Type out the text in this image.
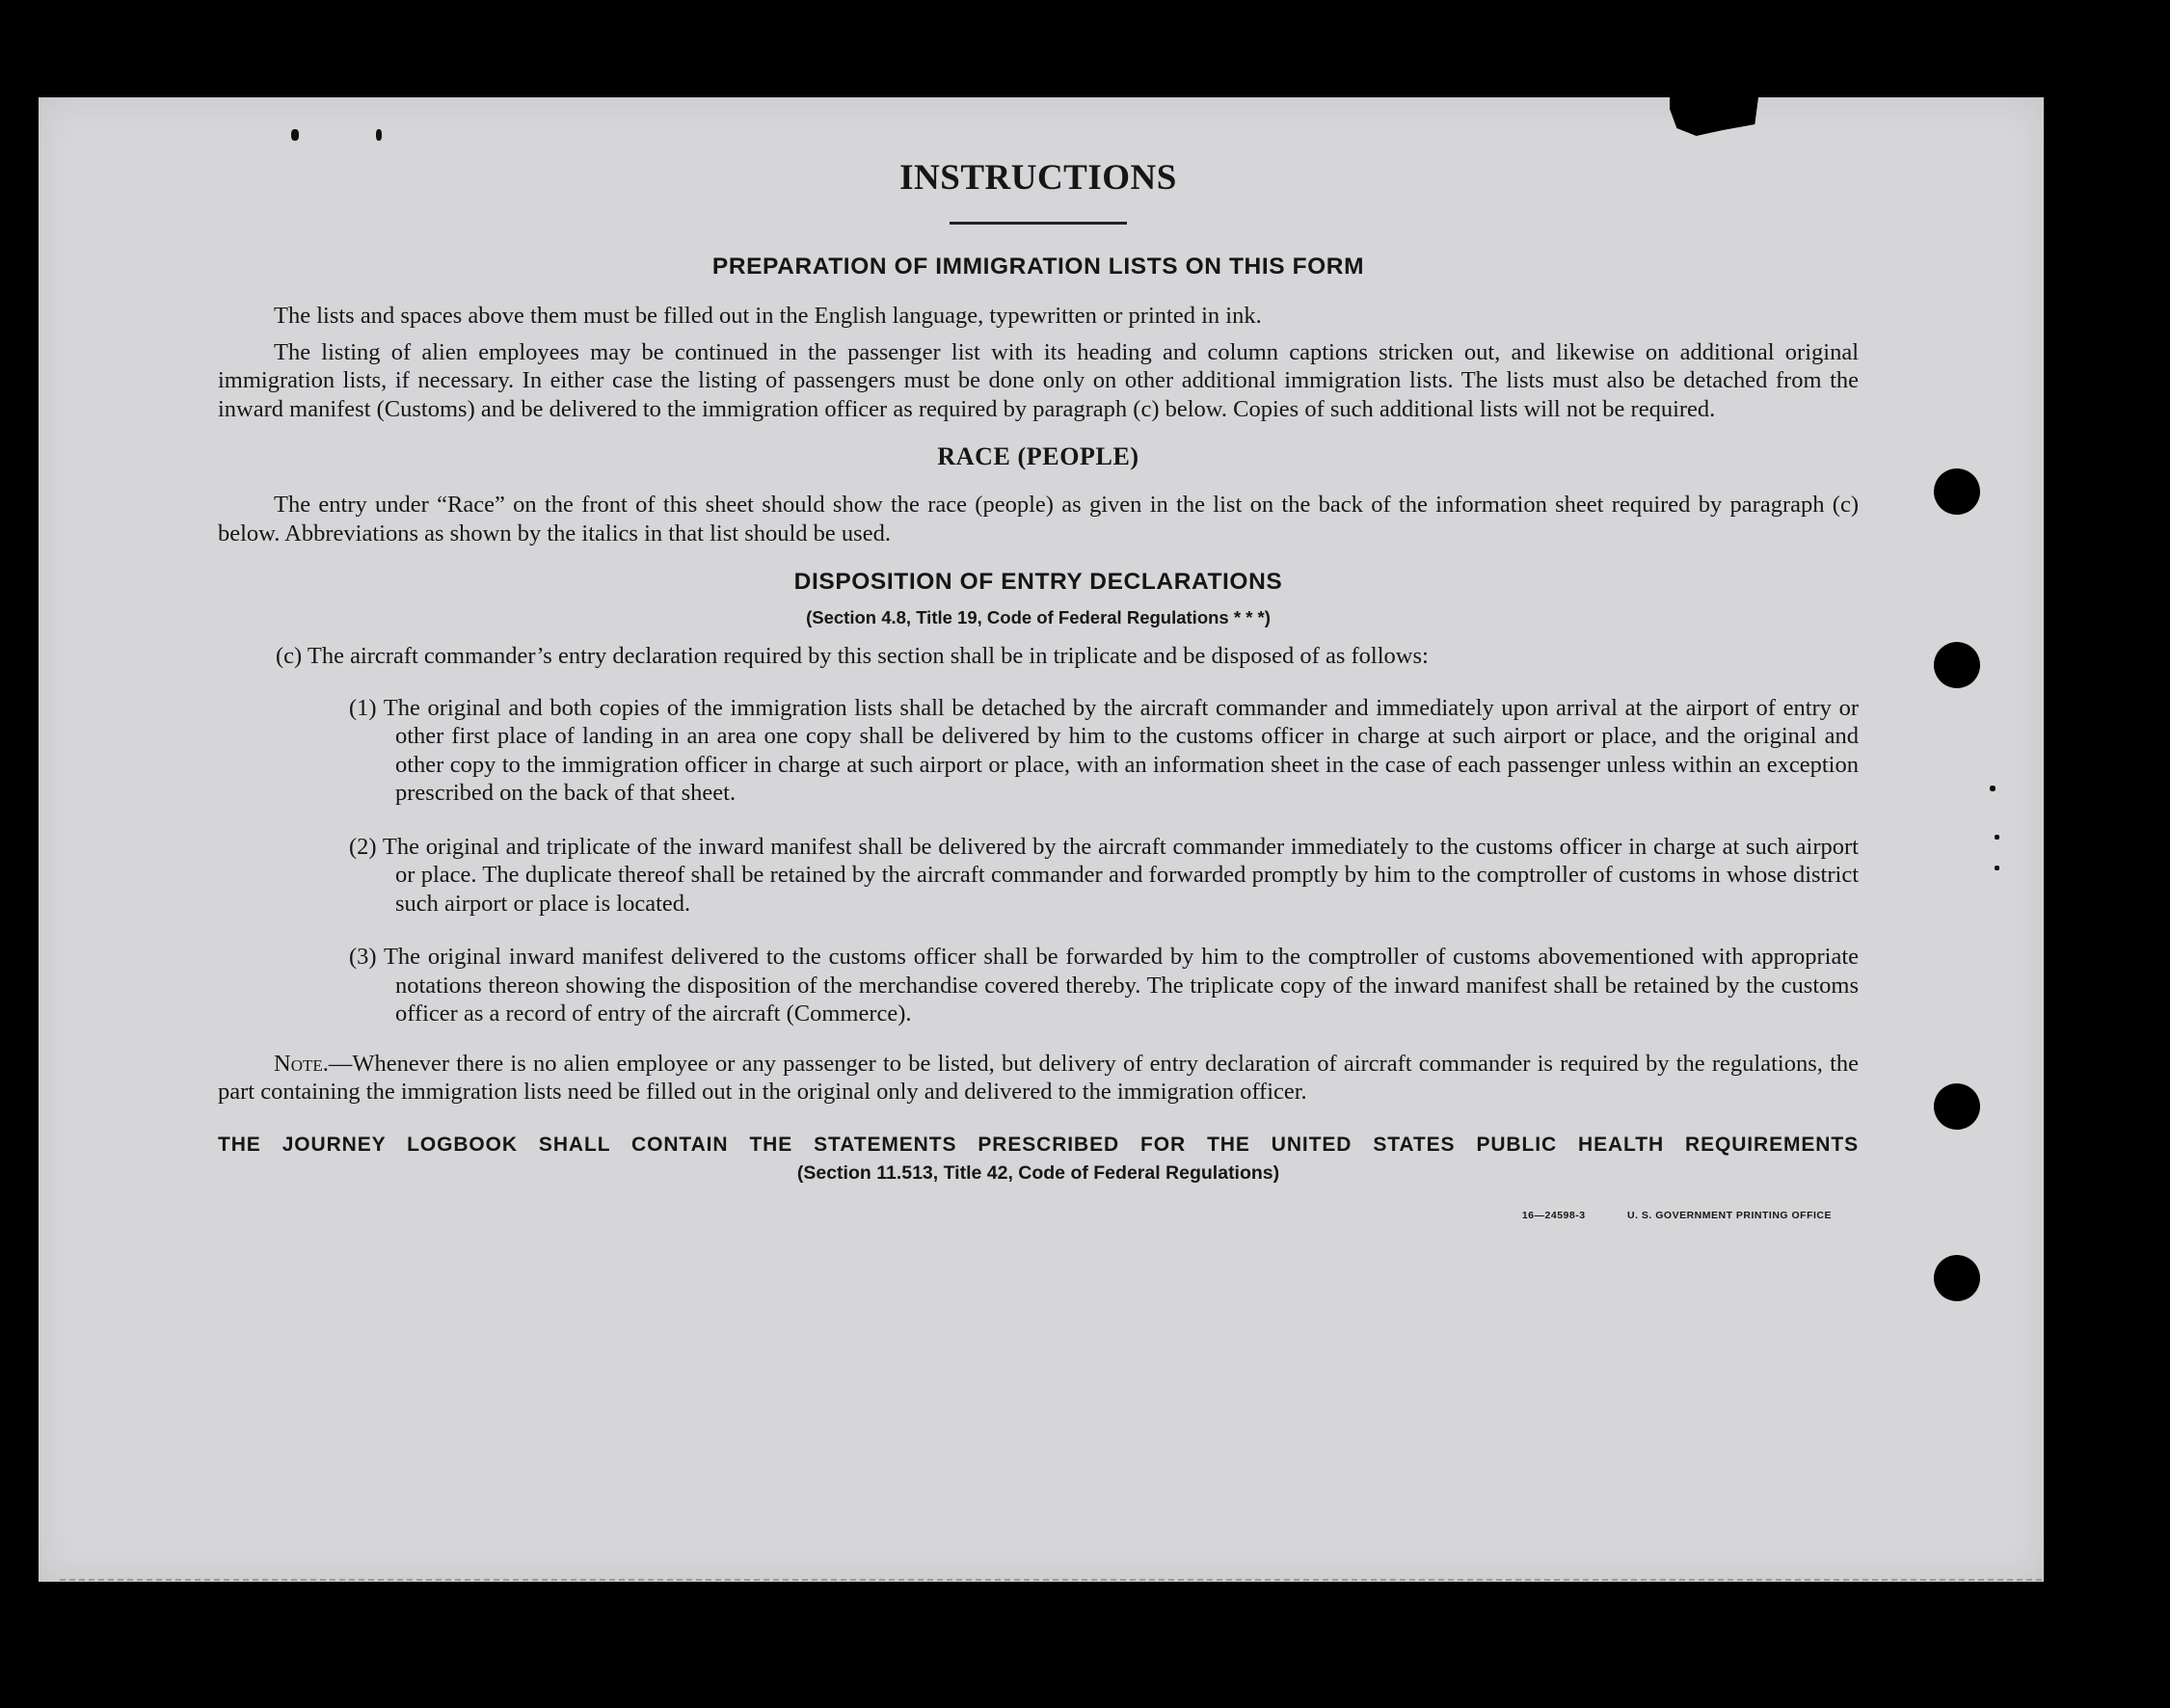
INSTRUCTIONS
PREPARATION OF IMMIGRATION LISTS ON THIS FORM

The lists and spaces above them must be filled out in the English language, typewritten or printed in ink.

The listing of alien employees may be continued in the passenger list with its heading and column captions stricken out, and likewise on additional original immigration lists, if necessary. In either case the listing of passengers must be done only on other additional immigration lists. The lists must also be detached from the inward manifest (Customs) and be delivered to the immigration officer as required by paragraph (c) below. Copies of such additional lists will not be required.

RACE (PEOPLE)

The entry under “Race” on the front of this sheet should show the race (people) as given in the list on the back of the information sheet required by paragraph (c) below. Abbreviations as shown by the italics in that list should be used.

DISPOSITION OF ENTRY DECLARATIONS
(Section 4.8, Title 19, Code of Federal Regulations * * *)

(c) The aircraft commander’s entry declaration required by this section shall be in triplicate and be disposed of as follows:

(1) The original and both copies of the immigration lists shall be detached by the aircraft commander and immediately upon arrival at the airport of entry or other first place of landing in an area one copy shall be delivered by him to the customs officer in charge at such airport or place, and the original and other copy to the immigration officer in charge at such airport or place, with an information sheet in the case of each passenger unless within an exception prescribed on the back of that sheet.
(2) The original and triplicate of the inward manifest shall be delivered by the aircraft commander immediately to the customs officer in charge at such airport or place. The duplicate thereof shall be retained by the aircraft commander and forwarded promptly by him to the comptroller of customs in whose district such airport or place is located.
(3) The original inward manifest delivered to the customs officer shall be forwarded by him to the comptroller of customs abovementioned with appropriate notations thereon showing the disposition of the merchandise covered thereby. The triplicate copy of the inward manifest shall be retained by the customs officer as a record of entry of the aircraft (Commerce).

Note.—Whenever there is no alien employee or any passenger to be listed, but delivery of entry declaration of aircraft commander is required by the regulations, the part containing the immigration lists need be filled out in the original only and delivered to the immigration officer.

THE JOURNEY LOGBOOK SHALL CONTAIN THE STATEMENTS PRESCRIBED FOR THE UNITED STATES PUBLIC HEALTH REQUIREMENTS
(Section 11.513, Title 42, Code of Federal Regulations)
16—24598-3	U. S. GOVERNMENT PRINTING OFFICE
